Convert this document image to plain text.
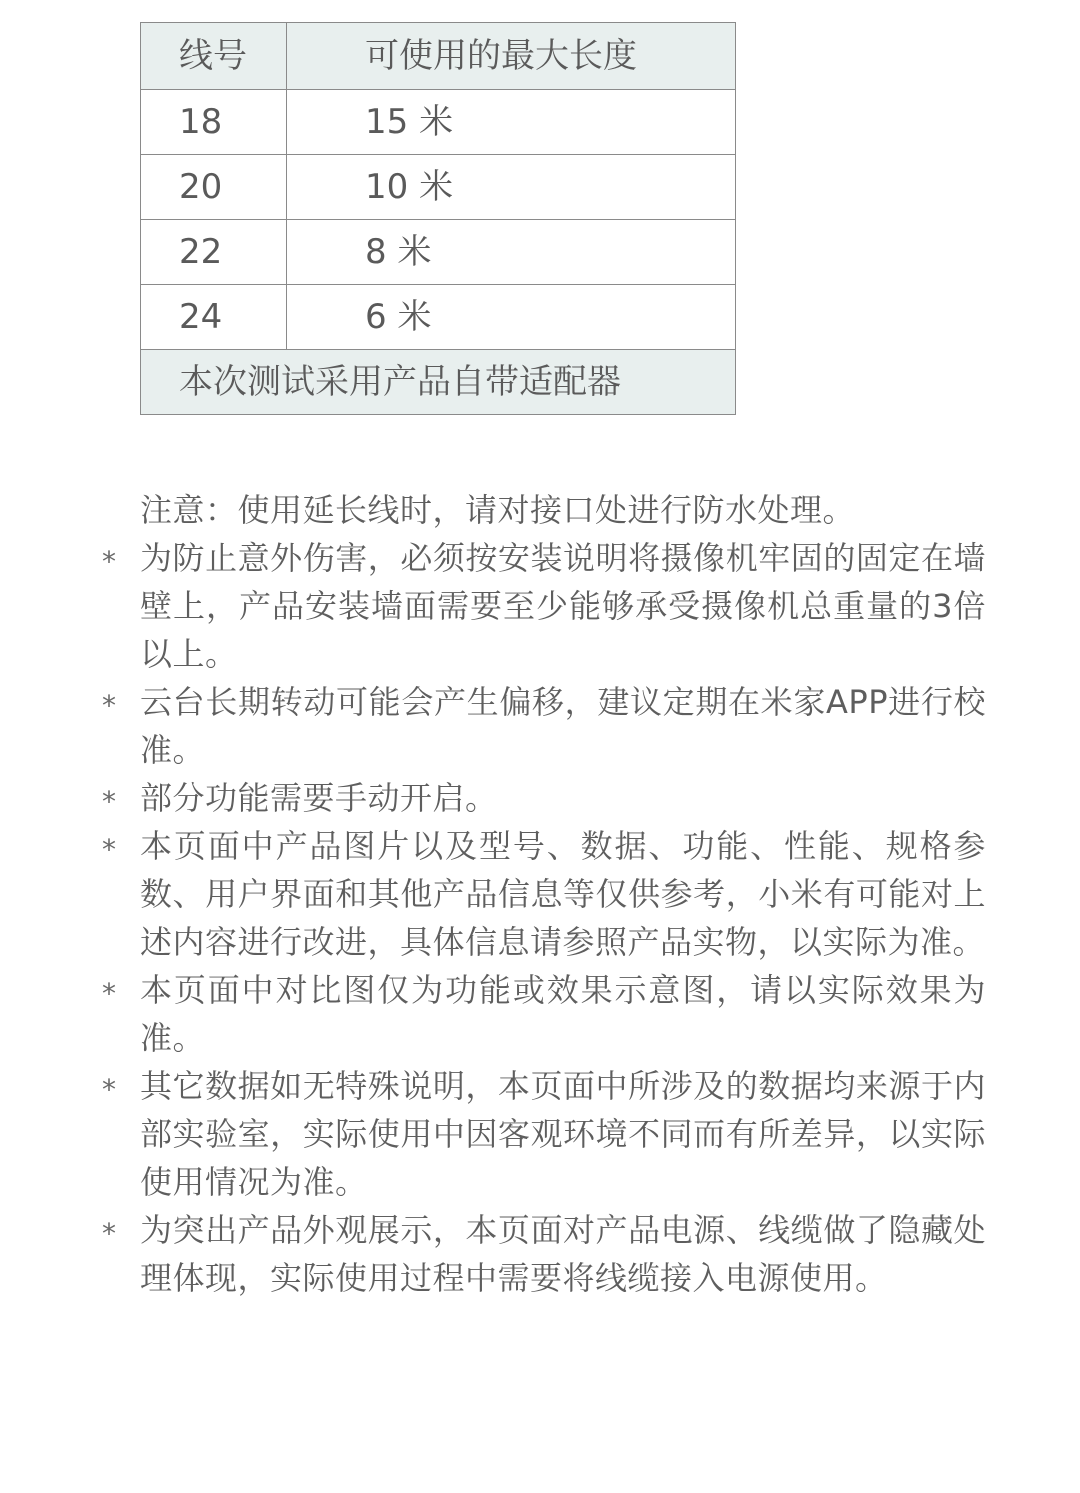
线号	可使用的最大长度
18	15 米
20	10 米
22	8 米
24	6 米
本次测试采用产品自带适配器	
注意：使用延长线时，请对接口处进行防水处理。
* 为防止意外伤害，必须按安装说明将摄像机牢固的固定在墙壁上，产品安装墙面需要至少能够承受摄像机总重量的3倍以上。
* 云台长期转动可能会产生偏移，建议定期在米家APP进行校准。
* 部分功能需要手动开启。
* 本页面中产品图片以及型号、数据、功能、性能、规格参数、用户界面和其他产品信息等仅供参考，小米有可能对上述内容进行改进，具体信息请参照产品实物，以实际为准。
* 本页面中对比图仅为功能或效果示意图，请以实际效果为准。
* 其它数据如无特殊说明，本页面中所涉及的数据均来源于内部实验室，实际使用中因客观环境不同而有所差异，以实际使用情况为准。
* 为突出产品外观展示，本页面对产品电源、线缆做了隐藏处理体现，实际使用过程中需要将线缆接入电源使用。
